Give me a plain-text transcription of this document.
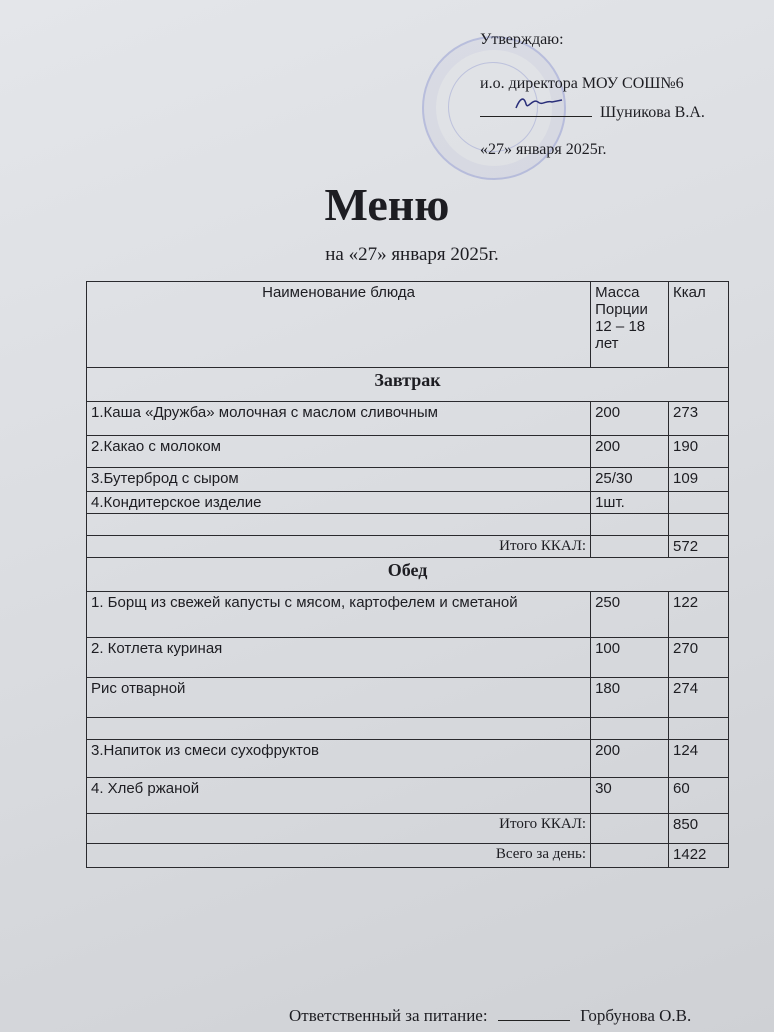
Утверждаю:
и.о. директора МОУ СОШ№6
Шуникова В.А.
«27» января 2025г.
Меню
на «27» января 2025г.
Наименование блюда	Масса Порции 12 – 18 лет	Ккал
Завтрак		
1.Каша «Дружба» молочная с маслом сливочным	200	273
2.Какао с молоком	200	190
3.Бутерброд с сыром	25/30	109
4.Кондитерское изделие	1шт.	

Итого ККАЛ:		572
Обед		
1. Борщ из свежей капусты с мясом, картофелем и сметаной	250	122
2. Котлета куриная	100	270
Рис отварной	180	274

3.Напиток из смеси сухофруктов	200	124
4. Хлеб ржаной	30	60
Итого ККАЛ:		850
Всего за день:		1422
Ответственный за питание:	Горбунова О.В.
